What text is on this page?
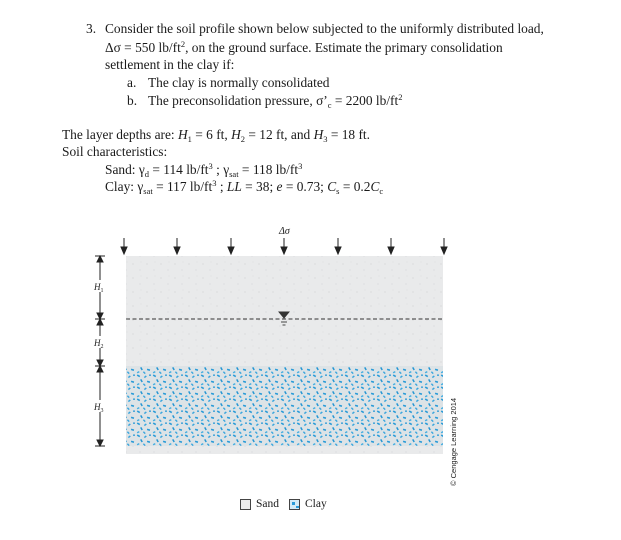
3. Consider the soil profile shown below subjected to the uniformly distributed load,
Δσ = 550 $lb/ft^2$, on the ground surface. Estimate the primary consolidation
settlement in the clay if:
a. The clay is normally consolidated
b. The preconsolidation pressure, $\sigma’_c = 2200$ $lb/ft^2$
The layer depths are: $H_1 = 6$ ft, $H_2 = 12$ ft, and $H_3 = 18$ ft.
Soil characteristics:
Sand: $\gamma_d = 114$ $lb/ft^3$ ; $\gamma_{sat} = 118$ $lb/ft^3$
Clay: $\gamma_{sat} = 117$ $lb/ft^3$ ; LL = 38; e = 0.73; $C_s = 0.2C_c$
Δσ
$H_1$
$H_2$
$H_3$	© Cengage Learning 2014
Sand Clay
